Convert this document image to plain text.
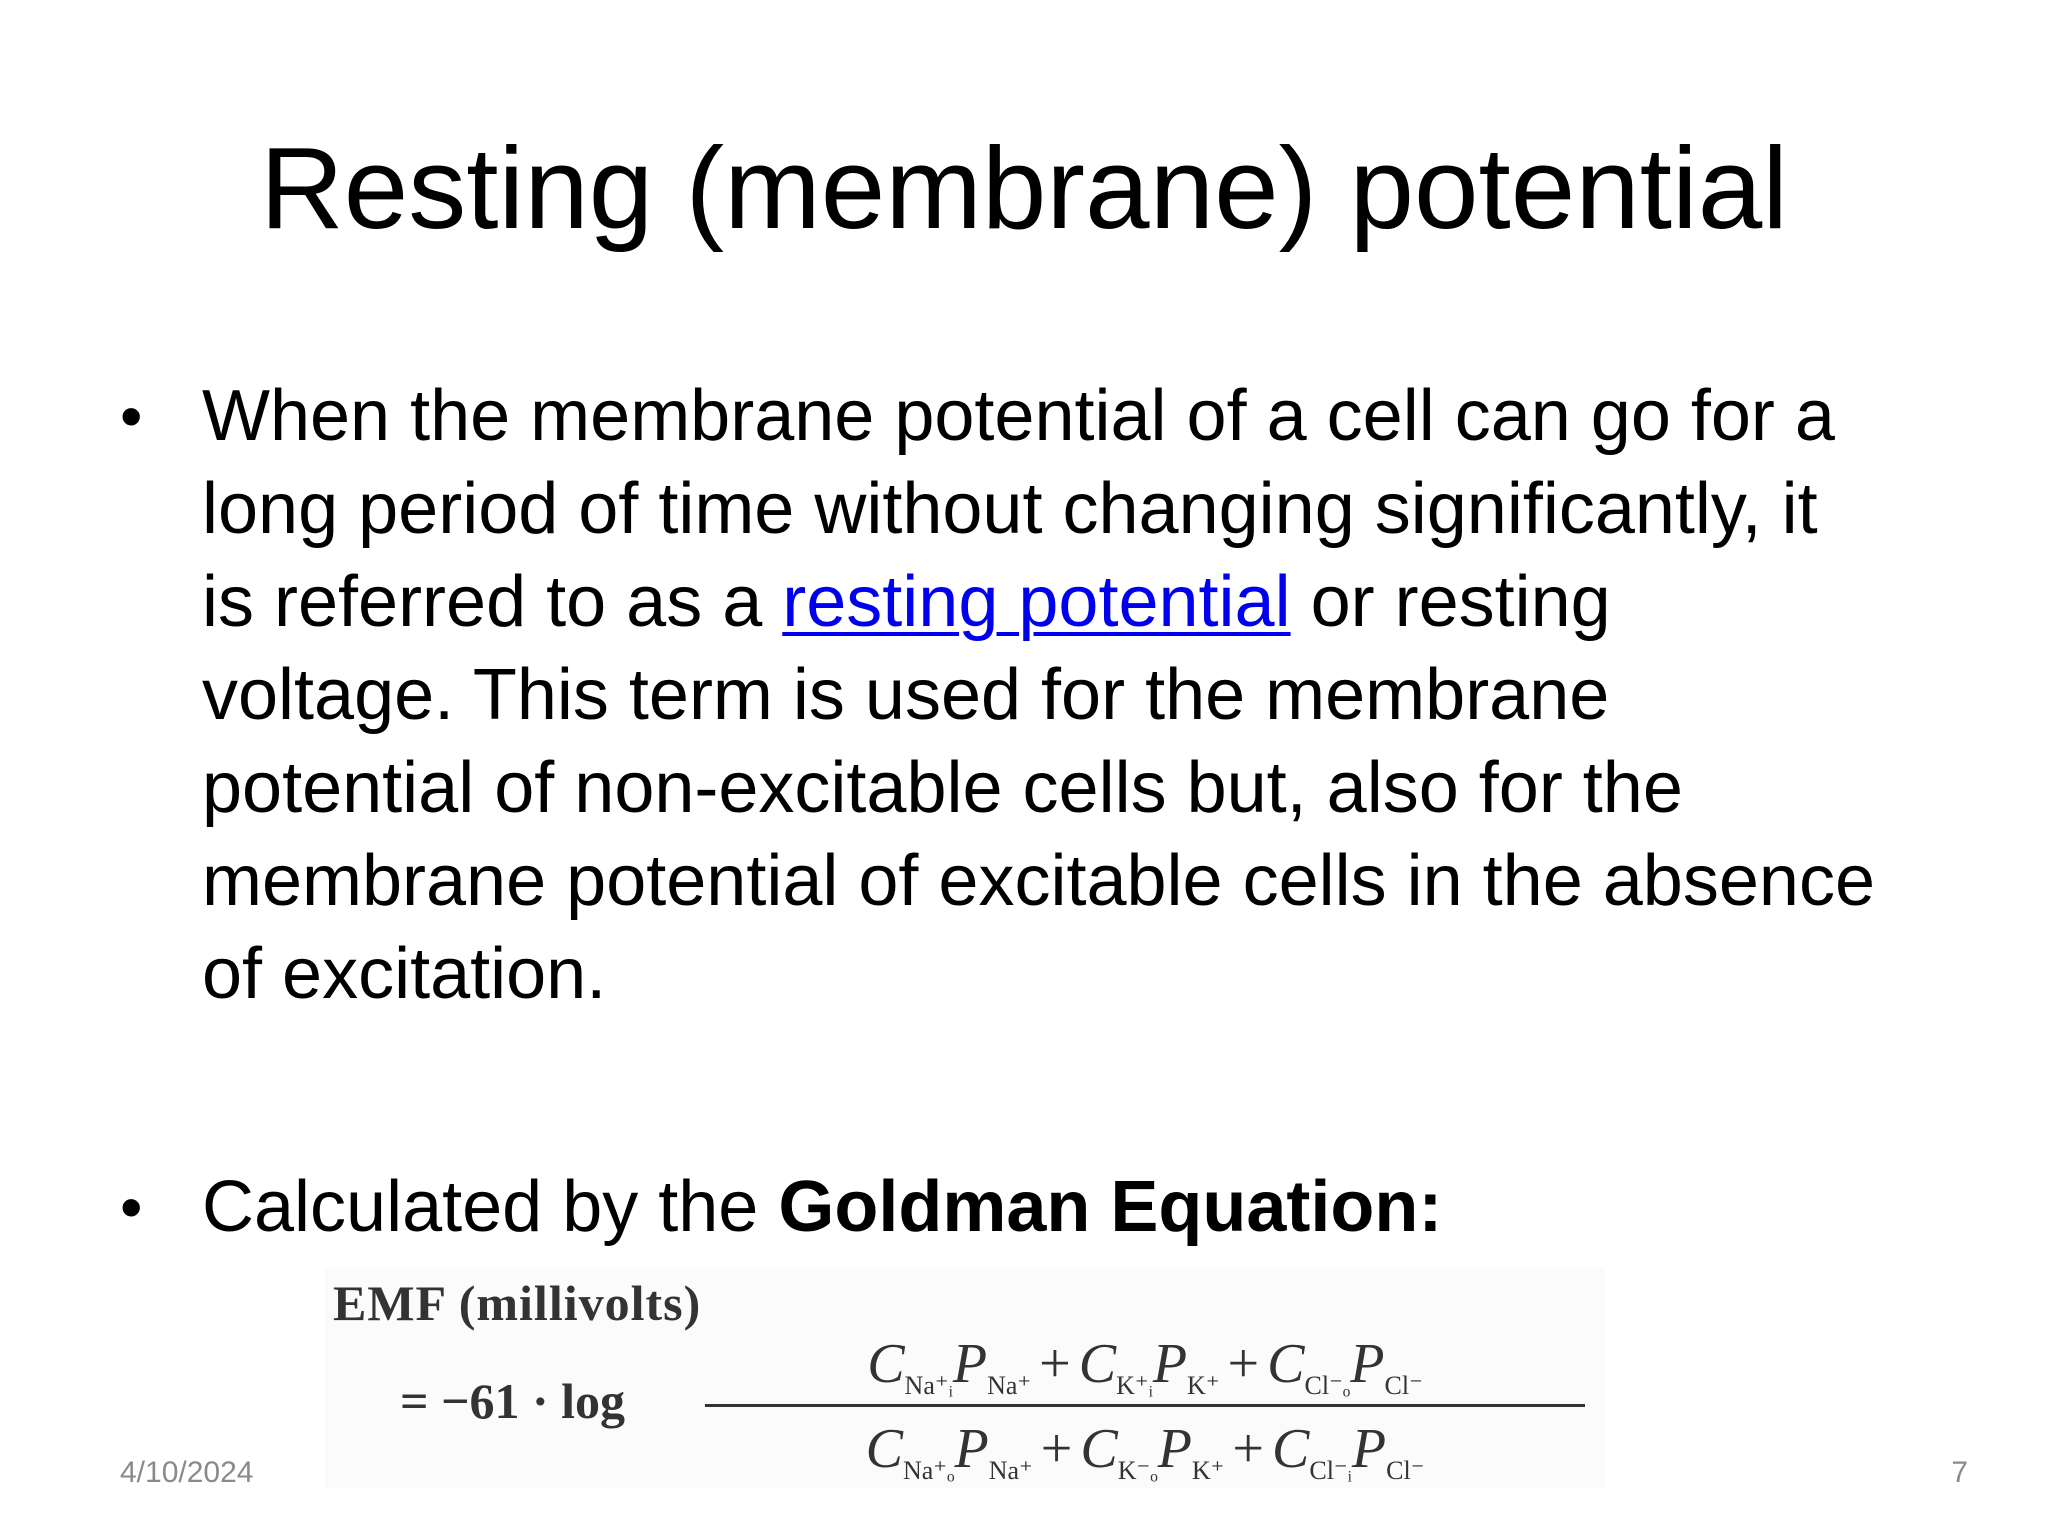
Resting (membrane) potential
• When the membrane potential of a cell can go for a long period of time without changing significantly, it is referred to as a resting potential or resting voltage. This term is used for the membrane potential of non-excitable cells but, also for the membrane potential of excitable cells in the absence of excitation.
• Calculated by the Goldman Equation:
EMF (millivolts)
= −61 · log
$C_{Na^+ᵢ}P_{Na^+} + C_{K^+ᵢ}P_{K^+} + C_{Cl^-_o}P_{Cl^-}$
$C_{Na^+_o}P_{Na^+} + C_{K^-_o}P_{K^+} + C_{Cl^-ᵢ}P_{Cl^-}$
4/10/2024	7
